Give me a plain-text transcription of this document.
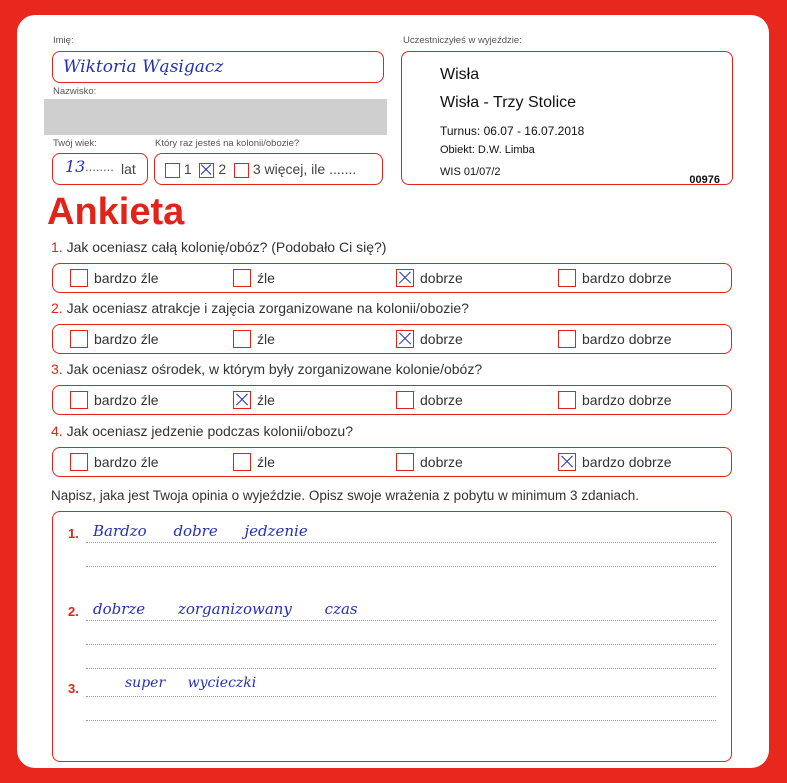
Imię:
Wiktoria Wąsigacz
Nazwisko:
Twój wiek:
13 ........ lat
Który raz jesteś na kolonii/obozie?
1 2 3 więcej, ile .......
Uczestniczyłeś w wyjeździe:
Wisła
Wisła - Trzy Stolice
Turnus: 06.07 - 16.07.2018
Obiekt: D.W. Limba
WIS 01/07/2
00976
Ankieta
1. Jak oceniasz całą kolonię/obóz? (Podobało Ci się?)
bardzo źle	źle	dobrze	bardzo dobrze
2. Jak oceniasz atrakcje i zajęcia zorganizowane na kolonii/obozie?
bardzo źle	źle	dobrze	bardzo dobrze
3. Jak oceniasz ośrodek, w którym były zorganizowane kolonie/obóz?
bardzo źle	źle	dobrze	bardzo dobrze
4. Jak oceniasz jedzenie podczas kolonii/obozu?
bardzo źle	źle	dobrze	bardzo dobrze
Napisz, jaka jest Twoja opinia o wyjeździe. Opisz swoje wrażenia z pobytu w minimum 3 zdaniach.
1. Bardzo dobre jedzenie
2. dobrze zorganizowany czas
3.	super wycieczki
